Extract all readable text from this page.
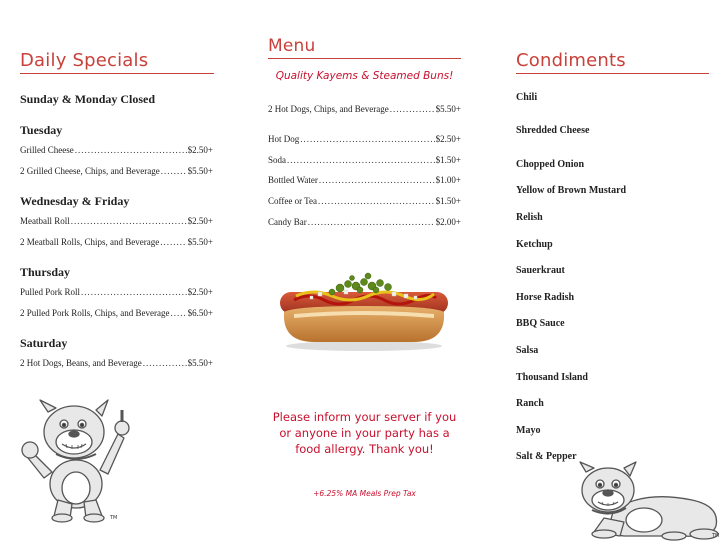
Daily Specials
Sunday & Monday Closed
Tuesday
Grilled Cheese .....	$2.50+
2 Grilled Cheese, Chips, and Beverage .....	$5.50+
Wednesday & Friday
Meatball Roll .....	$2.50+
2 Meatball Rolls, Chips, and Beverage .....	$5.50+
Thursday
Pulled Pork Roll .....	$2.50+
2 Pulled Pork Rolls, Chips, and Beverage ..... $6.50+
Saturday
2 Hot Dogs, Beans, and Beverage .....	$5.50+
TM
Menu
Quality Kayems & Steamed Buns!
2 Hot Dogs, Chips, and Beverage .....	$5.50+
Hot Dog .....	$2.50+
Soda .....	$1.50+
Bottled Water .....	$1.00+
Coffee or Tea .....	$1.50+
Candy Bar .....	$2.00+
Please inform your server if you or anyone in your party has a food allergy. Thank you!
+6.25% MA Meals Prep Tax
Condiments
Chili
Shredded Cheese
Chopped Onion
Yellow of Brown Mustard
Relish
Ketchup
Sauerkraut
Horse Radish
BBQ Sauce
Salsa
Thousand Island
Ranch
Mayo
Salt & Pepper
TM
